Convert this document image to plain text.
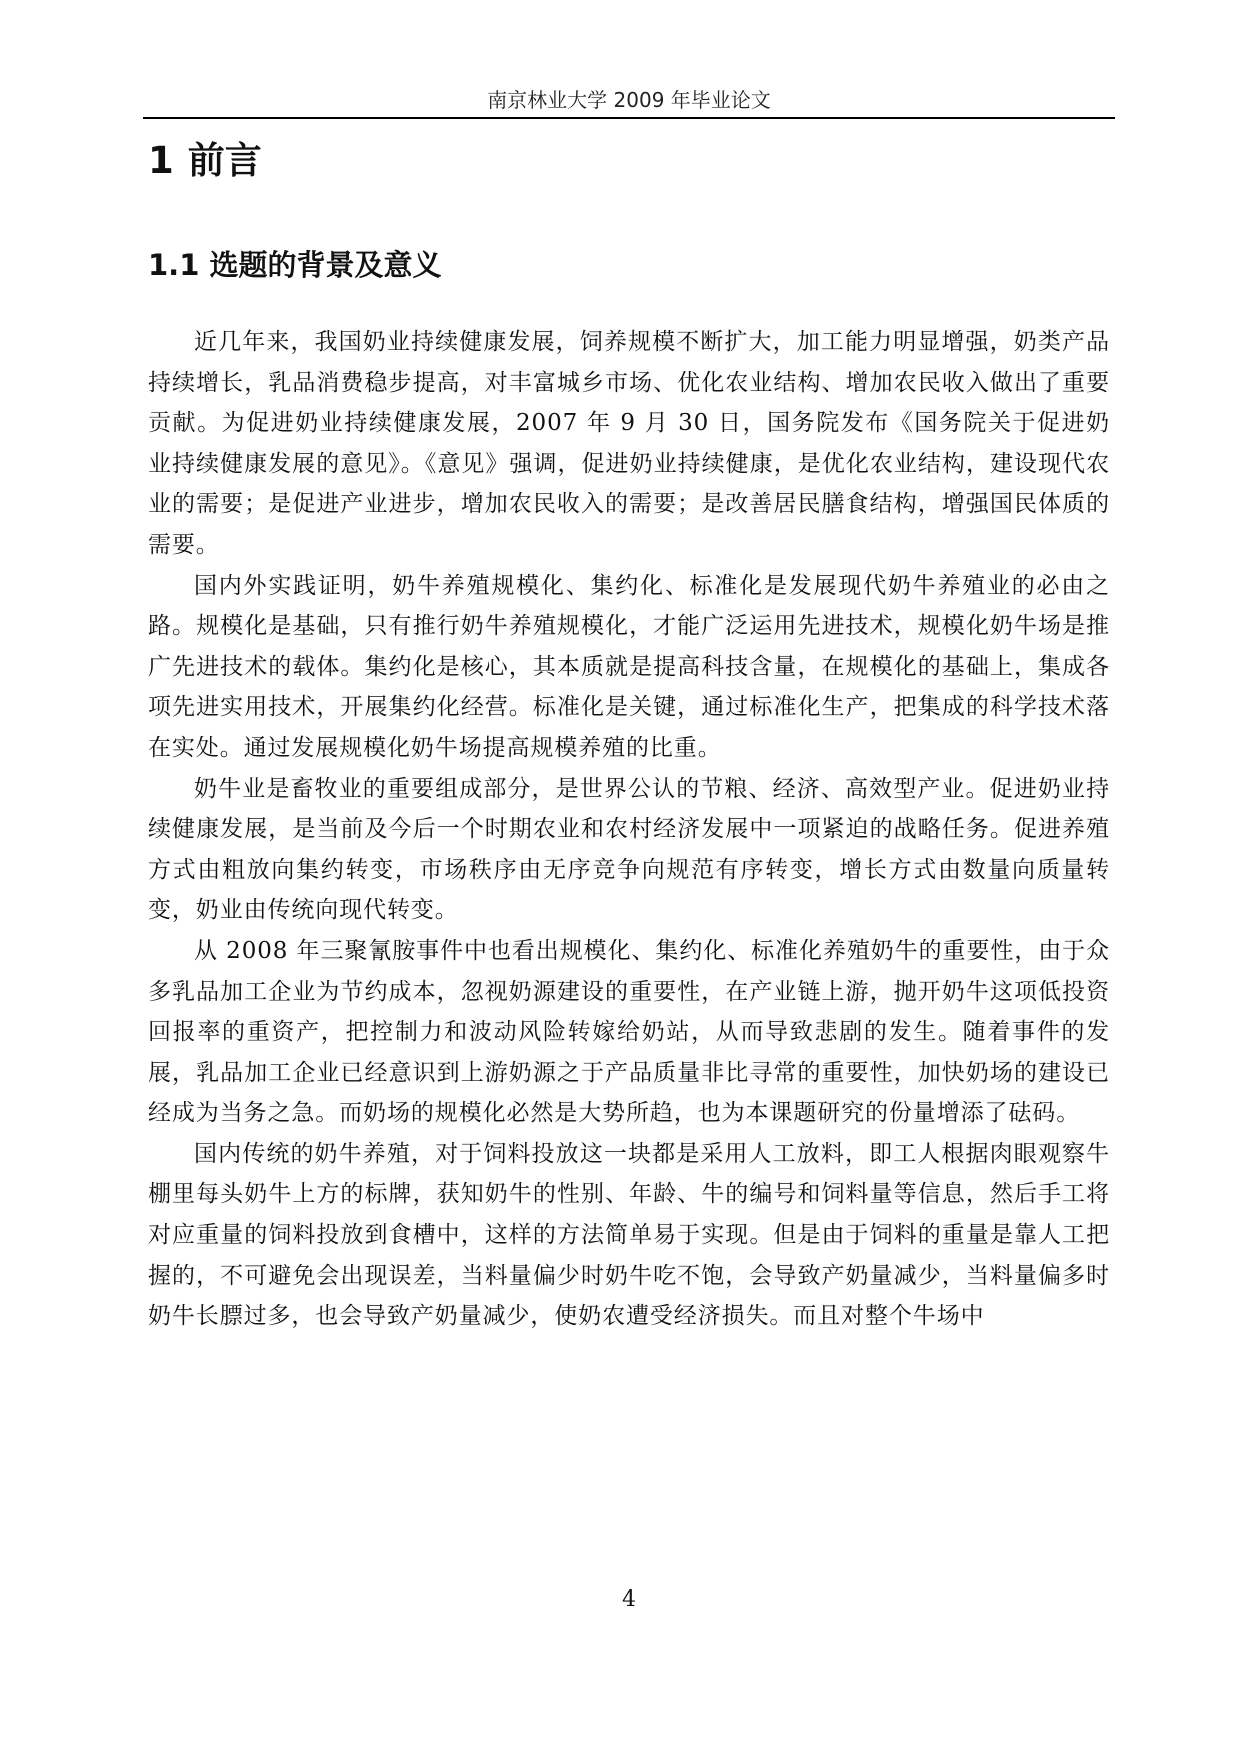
南京林业大学 2009 年毕业论文
1 前言
1.1 选题的背景及意义

近几年来，我国奶业持续健康发展，饲养规模不断扩大，加工能力明显增强，奶类产品持续增长，乳品消费稳步提高，对丰富城乡市场、优化农业结构、增加农民收入做出了重要贡献。为促进奶业持续健康发展，2007 年 9 月 30 日，国务院发布《国务院关于促进奶业持续健康发展的意见》。《意见》强调，促进奶业持续健康，是优化农业结构，建设现代农业的需要；是促进产业进步，增加农民收入的需要；是改善居民膳食结构，增强国民体质的需要。

国内外实践证明，奶牛养殖规模化、集约化、标准化是发展现代奶牛养殖业的必由之路。规模化是基础，只有推行奶牛养殖规模化，才能广泛运用先进技术，规模化奶牛场是推广先进技术的载体。集约化是核心，其本质就是提高科技含量，在规模化的基础上，集成各项先进实用技术，开展集约化经营。标准化是关键，通过标准化生产，把集成的科学技术落在实处。通过发展规模化奶牛场提高规模养殖的比重。

奶牛业是畜牧业的重要组成部分，是世界公认的节粮、经济、高效型产业。促进奶业持续健康发展，是当前及今后一个时期农业和农村经济发展中一项紧迫的战略任务。促进养殖方式由粗放向集约转变，市场秩序由无序竞争向规范有序转变，增长方式由数量向质量转变，奶业由传统向现代转变。

从 2008 年三聚氰胺事件中也看出规模化、集约化、标准化养殖奶牛的重要性，由于众多乳品加工企业为节约成本，忽视奶源建设的重要性，在产业链上游，抛开奶牛这项低投资回报率的重资产，把控制力和波动风险转嫁给奶站，从而导致悲剧的发生。随着事件的发展，乳品加工企业已经意识到上游奶源之于产品质量非比寻常的重要性，加快奶场的建设已经成为当务之急。而奶场的规模化必然是大势所趋，也为本课题研究的份量增添了砝码。

国内传统的奶牛养殖，对于饲料投放这一块都是采用人工放料，即工人根据肉眼观察牛棚里每头奶牛上方的标牌，获知奶牛的性别、年龄、牛的编号和饲料量等信息，然后手工将对应重量的饲料投放到食槽中，这样的方法简单易于实现。但是由于饲料的重量是靠人工把握的，不可避免会出现误差，当料量偏少时奶牛吃不饱，会导致产奶量减少，当料量偏多时奶牛长膘过多，也会导致产奶量减少，使奶农遭受经济损失。而且对整个牛场中

4
